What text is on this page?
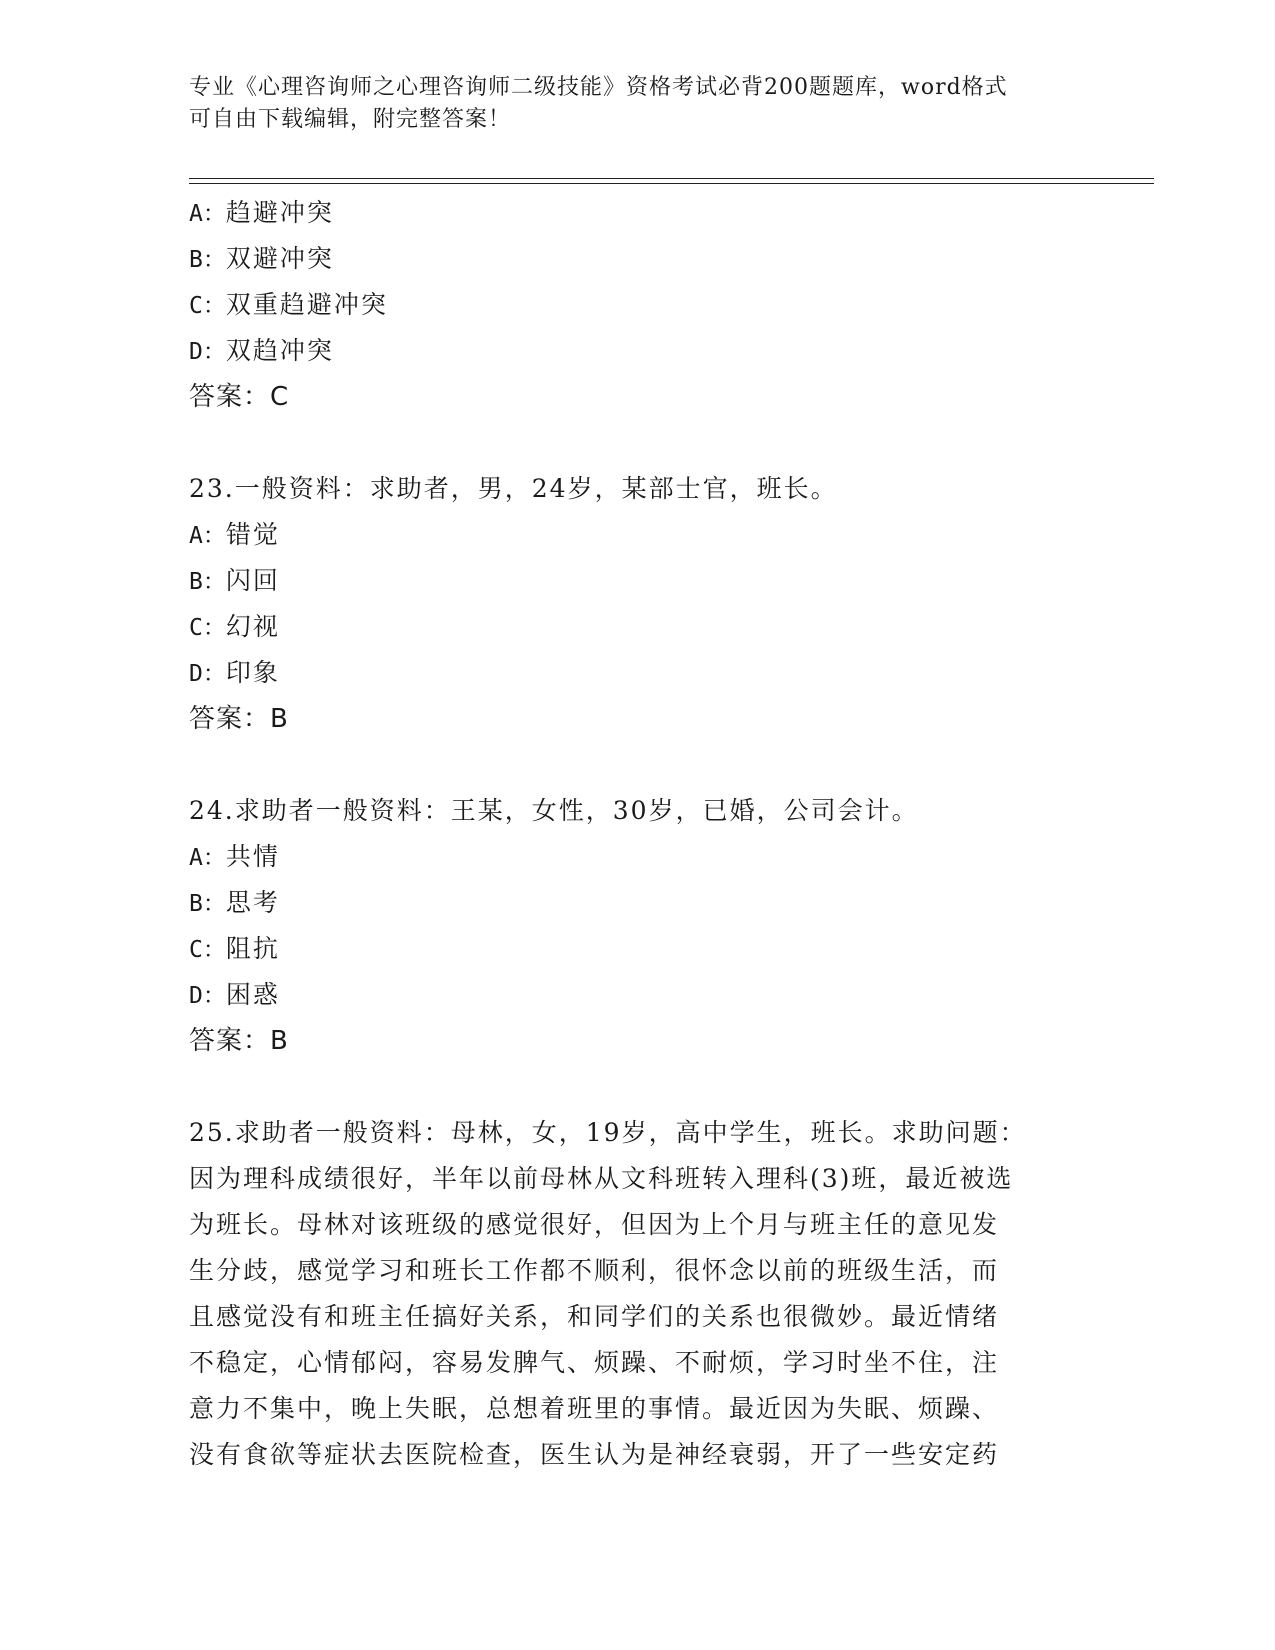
专业《心理咨询师之心理咨询师二级技能》资格考试必背200题题库，word格式
可自由下载编辑，附完整答案！
A：趋避冲突
B：双避冲突
C：双重趋避冲突
D：双趋冲突
答案：C
23.一般资料：求助者，男，24岁，某部士官，班长。
A：错觉
B：闪回
C：幻视
D：印象
答案：B
24.求助者一般资料：王某，女性，30岁，已婚，公司会计。
A：共情
B：思考
C：阻抗
D：困惑
答案：B
25.求助者一般资料：母林，女，19岁，高中学生，班长。求助问题：
因为理科成绩很好，半年以前母林从文科班转入理科(3)班，最近被选
为班长。母林对该班级的感觉很好，但因为上个月与班主任的意见发
生分歧，感觉学习和班长工作都不顺利，很怀念以前的班级生活，而
且感觉没有和班主任搞好关系，和同学们的关系也很微妙。最近情绪
不稳定，心情郁闷，容易发脾气、烦躁、不耐烦，学习时坐不住，注
意力不集中，晚上失眠，总想着班里的事情。最近因为失眠、烦躁、
没有食欲等症状去医院检查，医生认为是神经衰弱，开了一些安定药
